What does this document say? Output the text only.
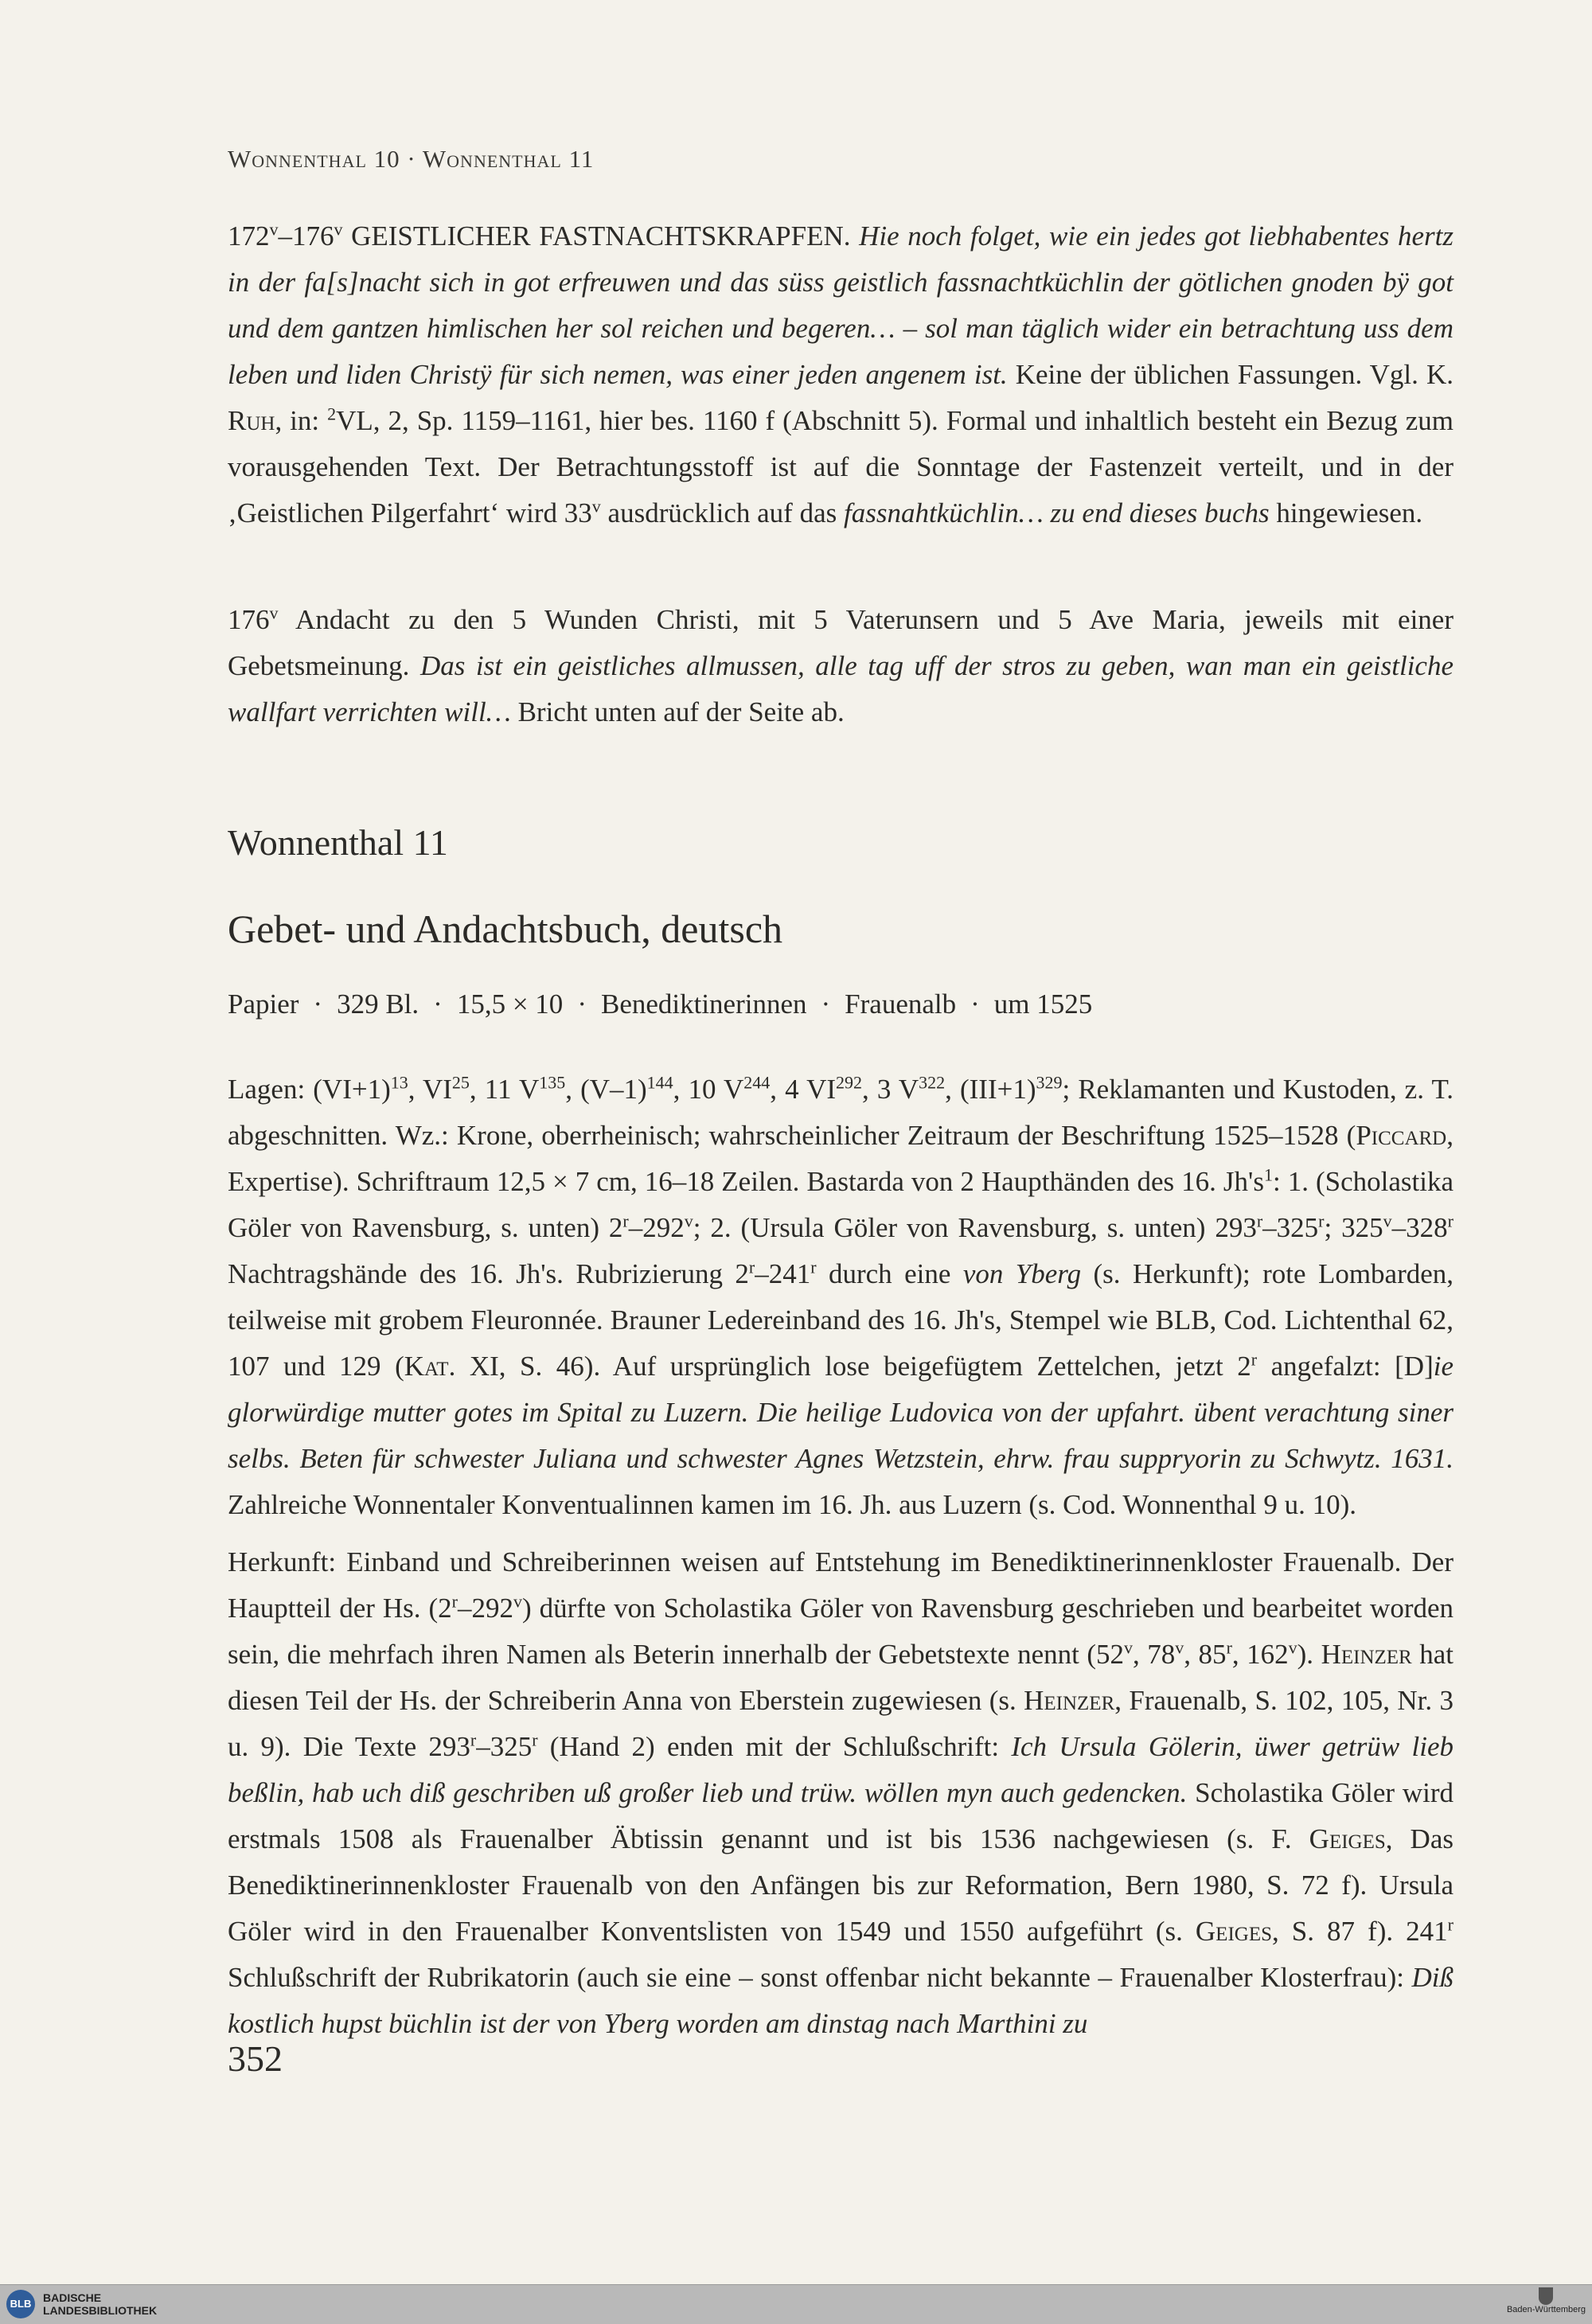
Wonnenthal 10 · Wonnenthal 11

172$^v$–176$^v$ GEISTLICHER FASTNACHTSKRAPFEN. Hie noch folget, wie ein jedes got liebhabentes hertz in der fa[s]nacht sich in got erfreuwen und das süss geistlich fassnachtküchlin der götlichen gnoden bÿ got und dem gantzen himlischen her sol reichen und begeren… – sol man täglich wider ein betrachtung uss dem leben und liden Christÿ für sich nemen, was einer jeden angenem ist. Keine der üblichen Fassungen. Vgl. K. Ruh, in: $^2$VL, 2, Sp. 1159–1161, hier bes. 1160 f (Abschnitt 5). Formal und inhaltlich besteht ein Bezug zum vorausgehenden Text. Der Betrachtungsstoff ist auf die Sonntage der Fastenzeit verteilt, und in der ‚Geistlichen Pilgerfahrt‘ wird 33$^v$ ausdrücklich auf das fassnahtküchlin… zu end dieses buchs hingewiesen.

176$^v$ Andacht zu den 5 Wunden Christi, mit 5 Vaterunsern und 5 Ave Maria, jeweils mit einer Gebetsmeinung. Das ist ein geistliches allmussen, alle tag uff der stros zu geben, wan man ein geistliche wallfart verrichten will… Bricht unten auf der Seite ab.

Wonnenthal 11
Gebet- und Andachtsbuch, deutsch
Papier · 329 Bl. · 15,5 × 10 · Benediktinerinnen · Frauenalb · um 1525

Lagen: $(VI+1)^{13}$, VI$^{25}$, 11 $V^{135}$, $(V-1)^{144}$, 10 $V^{244}$, 4 VI$^{292}$, 3 $V^{322}$, $(III+1)^{329}$; Reklamanten und Kustoden, z. T. abgeschnitten. Wz.: Krone, oberrheinisch; wahrscheinlicher Zeitraum der Beschriftung 1525–1528 (Piccard, Expertise). Schriftraum 12,5 × 7 cm, 16–18 Zeilen. Bastarda von 2 Haupthänden des 16. $Jh's^1$: 1. (Scholastika Göler von Ravensburg, s. unten) 2$^r$–292$^v$; 2. (Ursula Göler von Ravensburg, s. unten) 293$^r$–325$^r$; 325$^v$–328$^r$ Nachtragshände des 16. Jh's. Rubrizierung 2$^r$–241$^r$ durch eine von Yberg (s. Herkunft); rote Lombarden, teilweise mit grobem Fleuronnée. Brauner Ledereinband des 16. Jh's, Stempel wie BLB, Cod. Lichtenthal 62, 107 und 129 (Kat. XI, S. 46). Auf ursprünglich lose beigefügtem Zettelchen, jetzt 2$^r$ angefalzt: [D]ie glorwürdige mutter gotes im Spital zu Luzern. Die heilige Ludovica von der upfahrt. übent verachtung siner selbs. Beten für schwester Juliana und schwester Agnes Wetzstein, ehrw. frau suppryorin zu Schwytz. 1631. Zahlreiche Wonnentaler Konventualinnen kamen im 16. Jh. aus Luzern (s. Cod. Wonnenthal 9 u. 10).

Herkunft: Einband und Schreiberinnen weisen auf Entstehung im Benediktinerinnenkloster Frauenalb. Der Hauptteil der Hs. (2$^r$–292$^v$) dürfte von Scholastika Göler von Ravensburg geschrieben und bearbeitet worden sein, die mehrfach ihren Namen als Beterin innerhalb der Gebetstexte nennt (52$^v$, 78$^v$, 85$^r$, 162$^v$). Heinzer hat diesen Teil der Hs. der Schreiberin Anna von Eberstein zugewiesen (s. Heinzer, Frauenalb, S. 102, 105, Nr. 3 u. 9). Die Texte 293$^r$–325$^r$ (Hand 2) enden mit der Schlußschrift: Ich Ursula Gölerin, üwer getrüw lieb beßlin, hab uch diß geschriben uß großer lieb und trüw. wöllen myn auch gedencken. Scholastika Göler wird erstmals 1508 als Frauenalber Äbtissin genannt und ist bis 1536 nachgewiesen (s. F. Geiges, Das Benediktinerinnenkloster Frauenalb von den Anfängen bis zur Reformation, Bern 1980, S. 72 f). Ursula Göler wird in den Frauenalber Konventslisten von 1549 und 1550 aufgeführt (s. Geiges, S. 87 f). 241$^r$ Schlußschrift der Rubrikatorin (auch sie eine – sonst offenbar nicht bekannte – Frauenalber Klosterfrau): Diß kostlich hupst büchlin ist der von Yberg worden am dinstag nach Marthini zu

352
BLB	BADISCHE
LANDESBIBLIOTHEK	Baden-Württemberg
